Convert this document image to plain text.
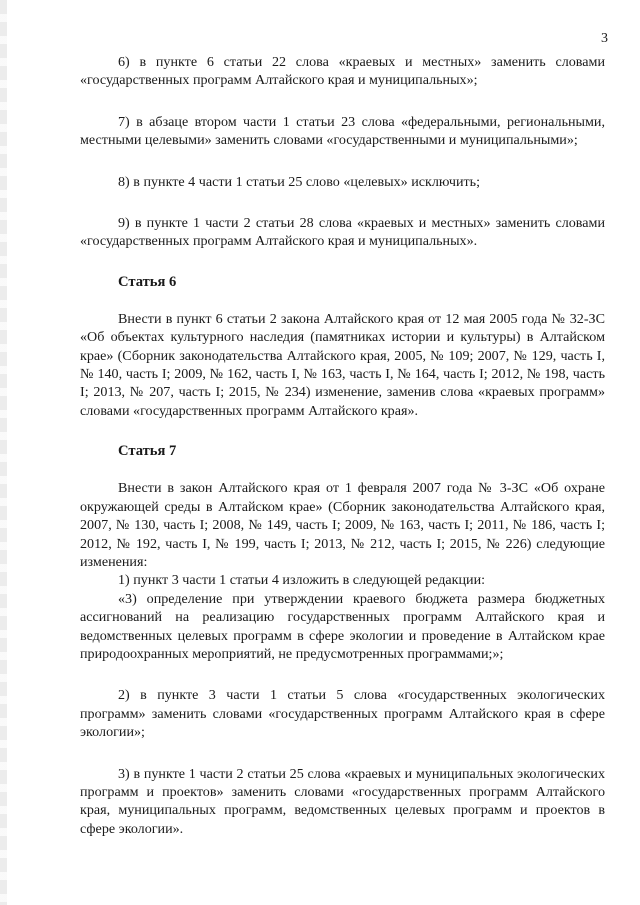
3

6) в пункте 6 статьи 22 слова «краевых и местных» заменить словами «государственных программ Алтайского края и муниципальных»;

7) в абзаце втором части 1 статьи 23 слова «федеральными, региональными, местными целевыми» заменить словами «государственными и муниципальными»;

8) в пункте 4 части 1 статьи 25 слово «целевых» исключить;

9) в пункте 1 части 2 статьи 28 слова «краевых и местных» заменить словами «государственных программ Алтайского края и муниципальных».

Статья 6

Внести в пункт 6 статьи 2 закона Алтайского края от 12 мая 2005 года № 32-ЗС «Об объектах культурного наследия (памятниках истории и культуры) в Алтайском крае» (Сборник законодательства Алтайского края, 2005, № 109; 2007, № 129, часть I, № 140, часть I; 2009, № 162, часть I, № 163, часть I, № 164, часть I; 2012, № 198, часть I; 2013, № 207, часть I; 2015, № 234) изменение, заменив слова «краевых программ» словами «государственных программ Алтайского края».

Статья 7

Внести в закон Алтайского края от 1 февраля 2007 года № 3-ЗС «Об охране окружающей среды в Алтайском крае» (Сборник законодательства Алтайского края, 2007, № 130, часть I; 2008, № 149, часть I; 2009, № 163, часть I; 2011, № 186, часть I; 2012, № 192, часть I, № 199, часть I; 2013, № 212, часть I; 2015, № 226) следующие изменения:

1) пункт 3 части 1 статьи 4 изложить в следующей редакции:

«3) определение при утверждении краевого бюджета размера бюджетных ассигнований на реализацию государственных программ Алтайского края и ведомственных целевых программ в сфере экологии и проведение в Алтайском крае природоохранных мероприятий, не предусмотренных программами;»;

2) в пункте 3 части 1 статьи 5 слова «государственных экологических программ» заменить словами «государственных программ Алтайского края в сфере экологии»;

3) в пункте 1 части 2 статьи 25 слова «краевых и муниципальных экологических программ и проектов» заменить словами «государственных программ Алтайского края, муниципальных программ, ведомственных целевых программ и проектов в сфере экологии».
